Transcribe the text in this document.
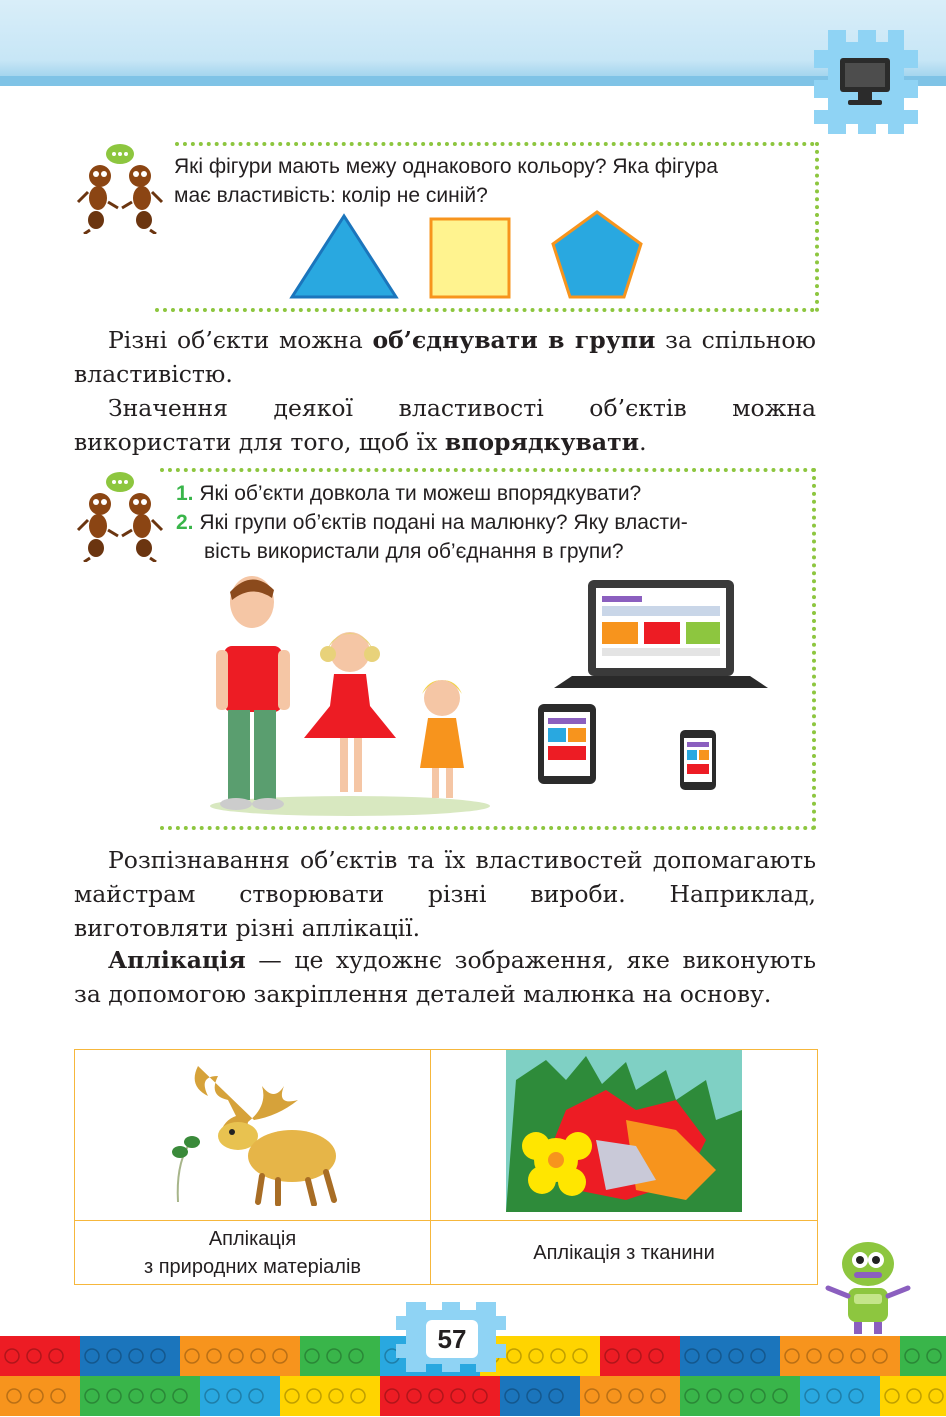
Які фігури мають межу однакового кольору? Яка фігура
має властивість: колір не синій?

Різні об’єкти можна об’єднувати в групи за спільною властивістю.

Значення деякої властивості об’єктів можна використати для того, щоб їх впорядкувати.

1. Які об’єкти довкола ти можеш впорядкувати?
2. Які групи об’єктів подані на малюнку? Яку власти-
вість використали для об’єднання в групи?

Розпізнавання об’єктів та їх властивостей допомагають майстрам створювати різні вироби. Наприклад, виготовляти різні аплікації.

Аплікація — це художнє зображення, яке виконують за допомогою закріплення деталей малюнка на основу.

Аплікація
з природних матеріалів	Аплікація з тканини
57
